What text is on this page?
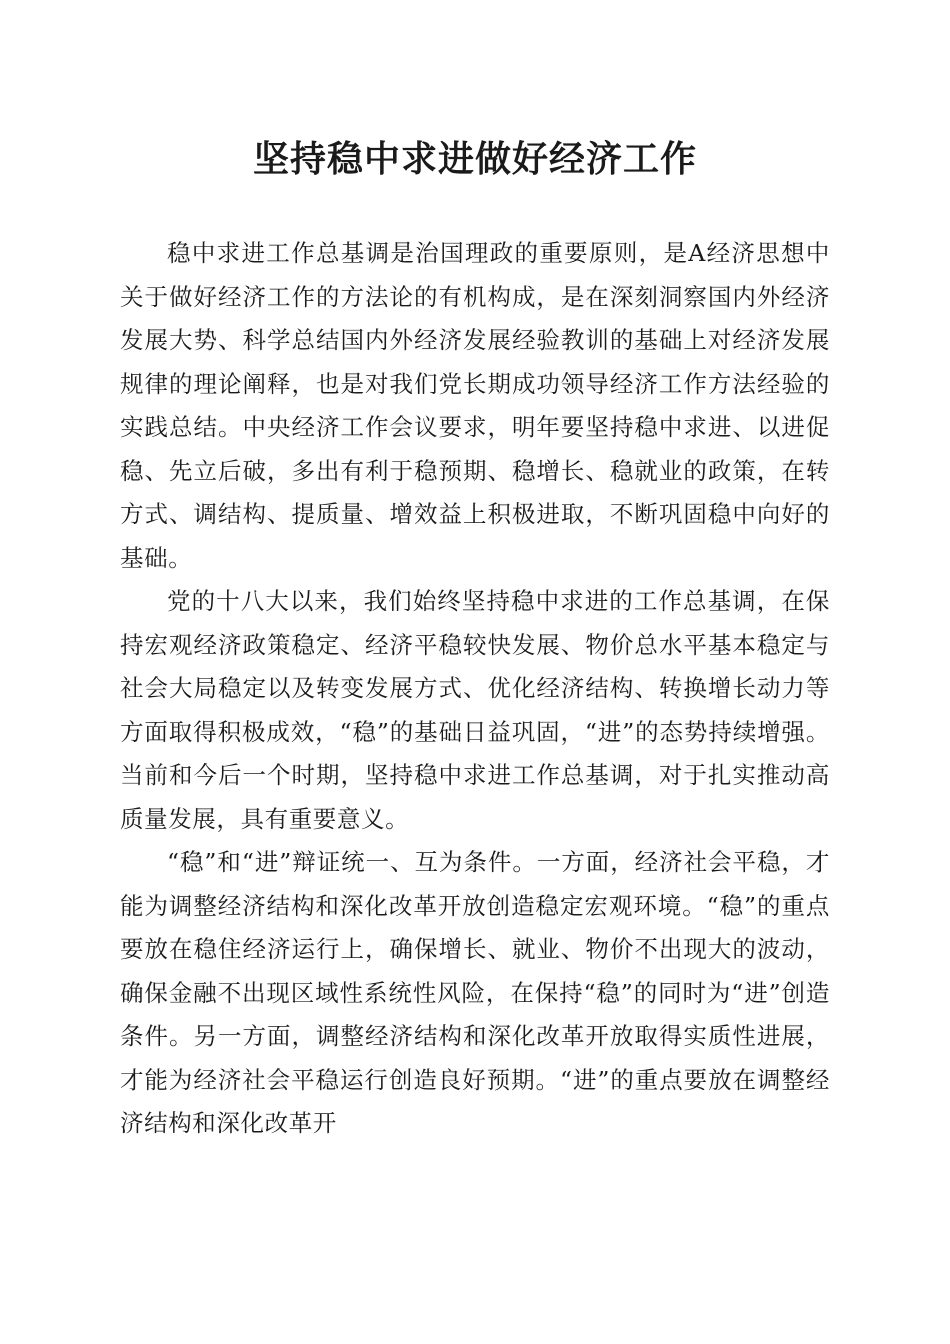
坚持稳中求进做好经济工作

稳中求进工作总基调是治国理政的重要原则，是A经济思想中关于做好经济工作的方法论的有机构成，是在深刻洞察国内外经济发展大势、科学总结国内外经济发展经验教训的基础上对经济发展规律的理论阐释，也是对我们党长期成功领导经济工作方法经验的实践总结。中央经济工作会议要求，明年要坚持稳中求进、以进促稳、先立后破，多出有利于稳预期、稳增长、稳就业的政策，在转方式、调结构、提质量、增效益上积极进取，不断巩固稳中向好的基础。

党的十八大以来，我们始终坚持稳中求进的工作总基调，在保持宏观经济政策稳定、经济平稳较快发展、物价总水平基本稳定与社会大局稳定以及转变发展方式、优化经济结构、转换增长动力等方面取得积极成效，“稳”的基础日益巩固，“进”的态势持续增强。当前和今后一个时期，坚持稳中求进工作总基调，对于扎实推动高质量发展，具有重要意义。

“稳”和“进”辩证统一、互为条件。一方面，经济社会平稳，才能为调整经济结构和深化改革开放创造稳定宏观环境。“稳”的重点要放在稳住经济运行上，确保增长、就业、物价不出现大的波动，确保金融不出现区域性系统性风险，在保持“稳”的同时为“进”创造条件。另一方面，调整经济结构和深化改革开放取得实质性进展，才能为经济社会平稳运行创造良好预期。“进”的重点要放在调整经济结构和深化改革开
